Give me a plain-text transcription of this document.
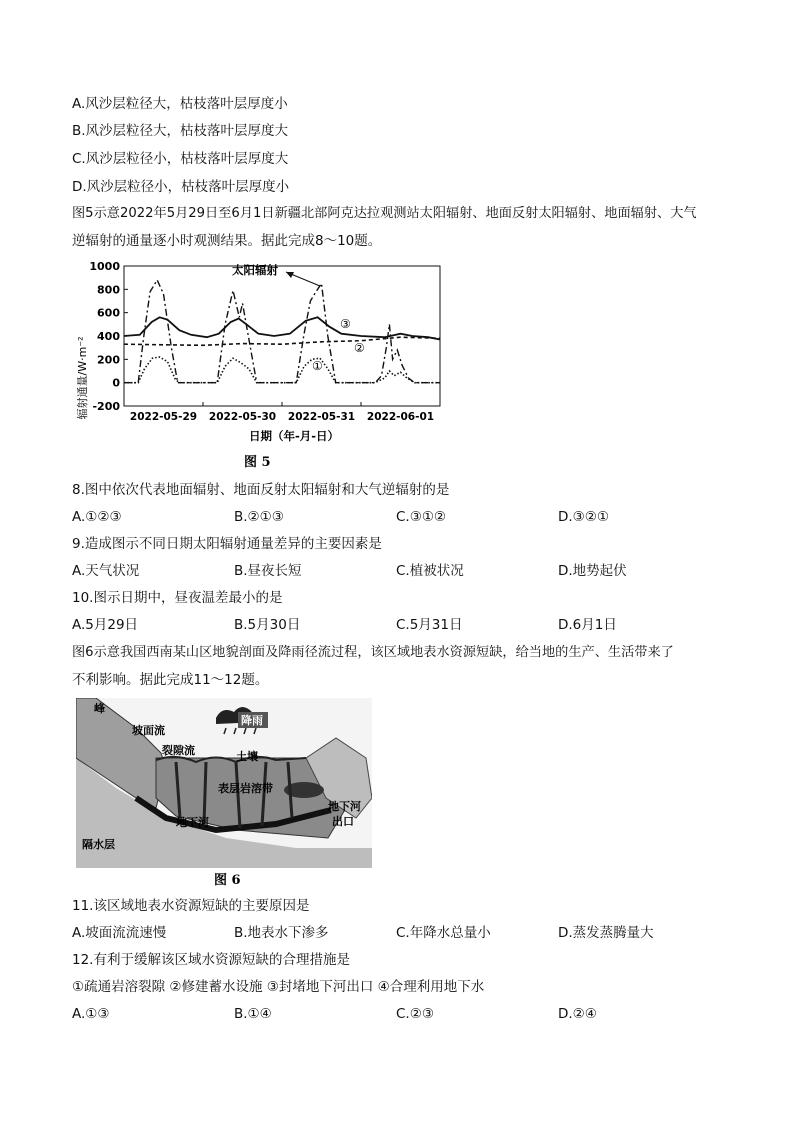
A.风沙层粒径大，枯枝落叶层厚度小
B.风沙层粒径大，枯枝落叶层厚度大
C.风沙层粒径小，枯枝落叶层厚度大
D.风沙层粒径小，枯枝落叶层厚度小
图5示意2022年5月29日至6月1日新疆北部阿克达拉观测站太阳辐射、地面反射太阳辐射、地面辐射、大气
逆辐射的通量逐小时观测结果。据此完成8～10题。
-200
0
200
400
600
800
1000
2022-05-29 2022-05-30 2022-05-31 2022-06-01
辐射通量/W·m⁻²
日期（年-月-日）
太阳辐射
③
②
①
图 5
8.图中依次代表地面辐射、地面反射太阳辐射和大气逆辐射的是
A.①②③	B.②①③	C.③①②	D.③②①
9.造成图示不同日期太阳辐射通量差异的主要因素是
A.天气状况	B.昼夜长短	C.植被状况	D.地势起伏
10.图示日期中，昼夜温差最小的是
A.5月29日	B.5月30日	C.5月31日	D.6月1日
图6示意我国西南某山区地貌剖面及降雨径流过程，该区域地表水资源短缺，给当地的生产、生活带来了
不利影响。据此完成11～12题。
降雨
峰
坡面流
裂隙流	土壤
表层岩溶带
地下河
地下河
出口
隔水层
图 6
11.该区域地表水资源短缺的主要原因是
A.坡面流流速慢	B.地表水下渗多	C.年降水总量小	D.蒸发蒸腾量大
12.有利于缓解该区域水资源短缺的合理措施是
①疏通岩溶裂隙 ②修建蓄水设施 ③封堵地下河出口 ④合理利用地下水
A.①③	B.①④	C.②③	D.②④
